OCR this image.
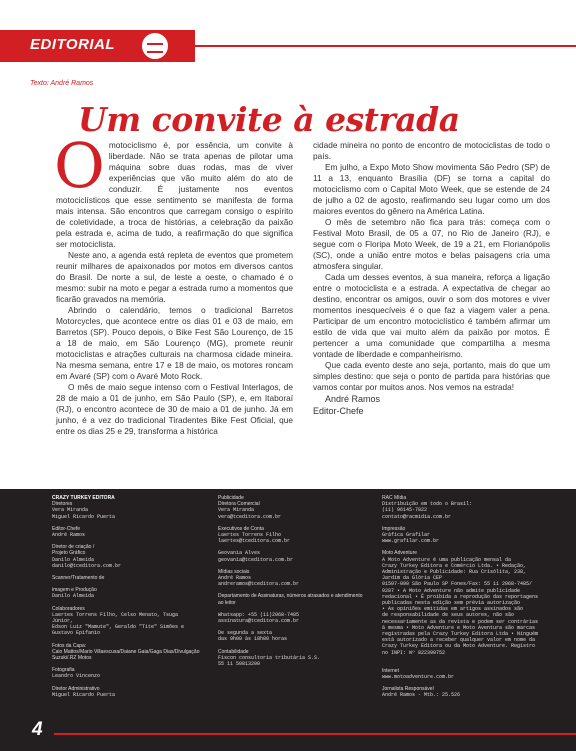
EDITORIAL
Texto: André Ramos
Um convite à estrada

Omotociclismo é, por essência, um convite à liberdade. Não se trata apenas de pilotar uma máquina sobre duas rodas, mas de viver experiências que vão muito além do ato de conduzir. É justamente nos eventos motociclísticos que esse sentimento se manifesta de forma mais intensa. São encontros que carregam consigo o espírito de coletividade, a troca de histórias, a celebração da paixão pela estrada e, acima de tudo, a reafirmação do que significa ser motociclista.

Neste ano, a agenda está repleta de eventos que prometem reunir milhares de apaixonados por motos em diversos cantos do Brasil. De norte a sul, de leste a oeste, o chamado é o mesmo: subir na moto e pegar a estrada rumo a momentos que ficarão gravados na memória.

Abrindo o calendário, temos o tradicional Barretos Motorcycles, que acontece entre os dias 01 e 03 de maio, em Barretos (SP). Pouco depois, o Bike Fest São Lourenço, de 15 a 18 de maio, em São Lourenço (MG), promete reunir motociclistas e atrações culturais na charmosa cidade mineira. Na mesma semana, entre 17 e 18 de maio, os motores roncam em Avaré (SP) com o Avaré Moto Rock.

O mês de maio segue intenso com o Festival Interlagos, de 28 de maio a 01 de junho, em São Paulo (SP), e, em Itaboraí (RJ), o encontro acontece de 30 de maio a 01 de junho. Já em junho, é a vez do tradicional Tiradentes Bike Fest Oficial, que entre os dias 25 e 29, transforma a histórica

cidade mineira no ponto de encontro de motociclistas de todo o país.

Em julho, a Expo Moto Show movimenta São Pedro (SP) de 11 a 13, enquanto Brasília (DF) se torna a capital do motociclismo com o Capital Moto Week, que se estende de 24 de julho a 02 de agosto, reafirmando seu lugar como um dos maiores eventos do gênero na América Latina.

O mês de setembro não fica para trás: começa com o Festival Moto Brasil, de 05 a 07, no Rio de Janeiro (RJ), e segue com o Floripa Moto Week, de 19 a 21, em Florianópolis (SC), onde a união entre motos e belas paisagens cria uma atmosfera singular.

Cada um desses eventos, à sua maneira, reforça a ligação entre o motociclista e a estrada. A expectativa de chegar ao destino, encontrar os amigos, ouvir o som dos motores e viver momentos inesquecíveis é o que faz a viagem valer a pena. Participar de um encontro motociclístico é também afirmar um estilo de vida que vai muito além da paixão por motos. É pertencer a uma comunidade que compartilha a mesma vontade de liberdade e companheirismo.

Que cada evento deste ano seja, portanto, mais do que um simples destino: que seja o ponto de partida para histórias que vamos contar por muitos anos. Nos vemos na estrada!

André Ramos
Editor-Chefe

CRAZY TURKEY EDITORA
Diretores
Vera Miranda
Miguel Ricardo Puerta
Editor-Chefe
André Ramos
Diretor de criação /
Projeto Gráfico
Danilo Almeida
danilo@tceditora.com.br
Scanner/Tratamento de
imagem e Produção
Danilo Almeida
Colaboradores
Laertes Torrens Filho, Celso Menato, Tsuga Júnior,
Edson Luiz "Mamute", Geraldo "Tite" Simões e
Gustavo Epifanio
Fotos da Capa:
Caio Mattos/Mario Villaescusa/Daiane Gaia/Gaga Dias/Divulgação
Suzuki/.RZ Motos
Fotografia
Leandro Vincenzo
Diretor Administrativo
Miguel Ricardo Puerta
Publicidade
Diretora Comercial
Vera Miranda
vera@tceditora.com.br
Executivos de Conta
Laertes Torrens Filho
laertes@tceditora.com.br
Geovania Alves
geovania@tceditora.com.br
Mídias sociais
André Ramos
andreramos@tceditora.com.br
Departamento de Assinaturas, números atrasados e atendimento
ao leitor
Whatsapp: +55 (11)2068-7485
assinatura@tceditora.com.br
De segunda a sexta
das 9h00 às 18h00 horas
Contabilidade
Fiscon consultoria tributária S.S.
55 11 50813200
RAC Mídia
Distribuição em todo o Brasil:
(11) 96145-7822
contato@racmidia.com.br
Impressão
Gráfica Grafilar
www.grafilar.com.br
Moto Adventure
A Moto Adventure é uma publicação mensal da
Crazy Turkey Editora e Comércio Ltda. • Redação,
Administração e Publicidade: Rua Crisólita, 238,
Jardim da Glória CEP
01507-090 São Paulo SP Fones/Fax: 55 11 2068-7485/
9287 • A Moto Adventure não admite publicidade
redacional • É proibida a reprodução das reportagens
publicadas nesta edição sem prévia autorização
• As opiniões emitidas em artigos assinados são
de responsabilidade de seus autores, não são
necessariamente as da revista e podem ser contrárias
à mesma • Moto Adventure e Moto Aventura são marcas
registradas pela Crazy Turkey Editora Ltda • Ninguém
está autorizado a receber qualquer valor em nome da
Crazy Turkey Editora ou da Moto Adventure. Registro
no INPI: Nº 822390752
Internet
www.motoadventure.com.br
Jornalista Responsável
André Ramos - Mtb.: 25.526
4
